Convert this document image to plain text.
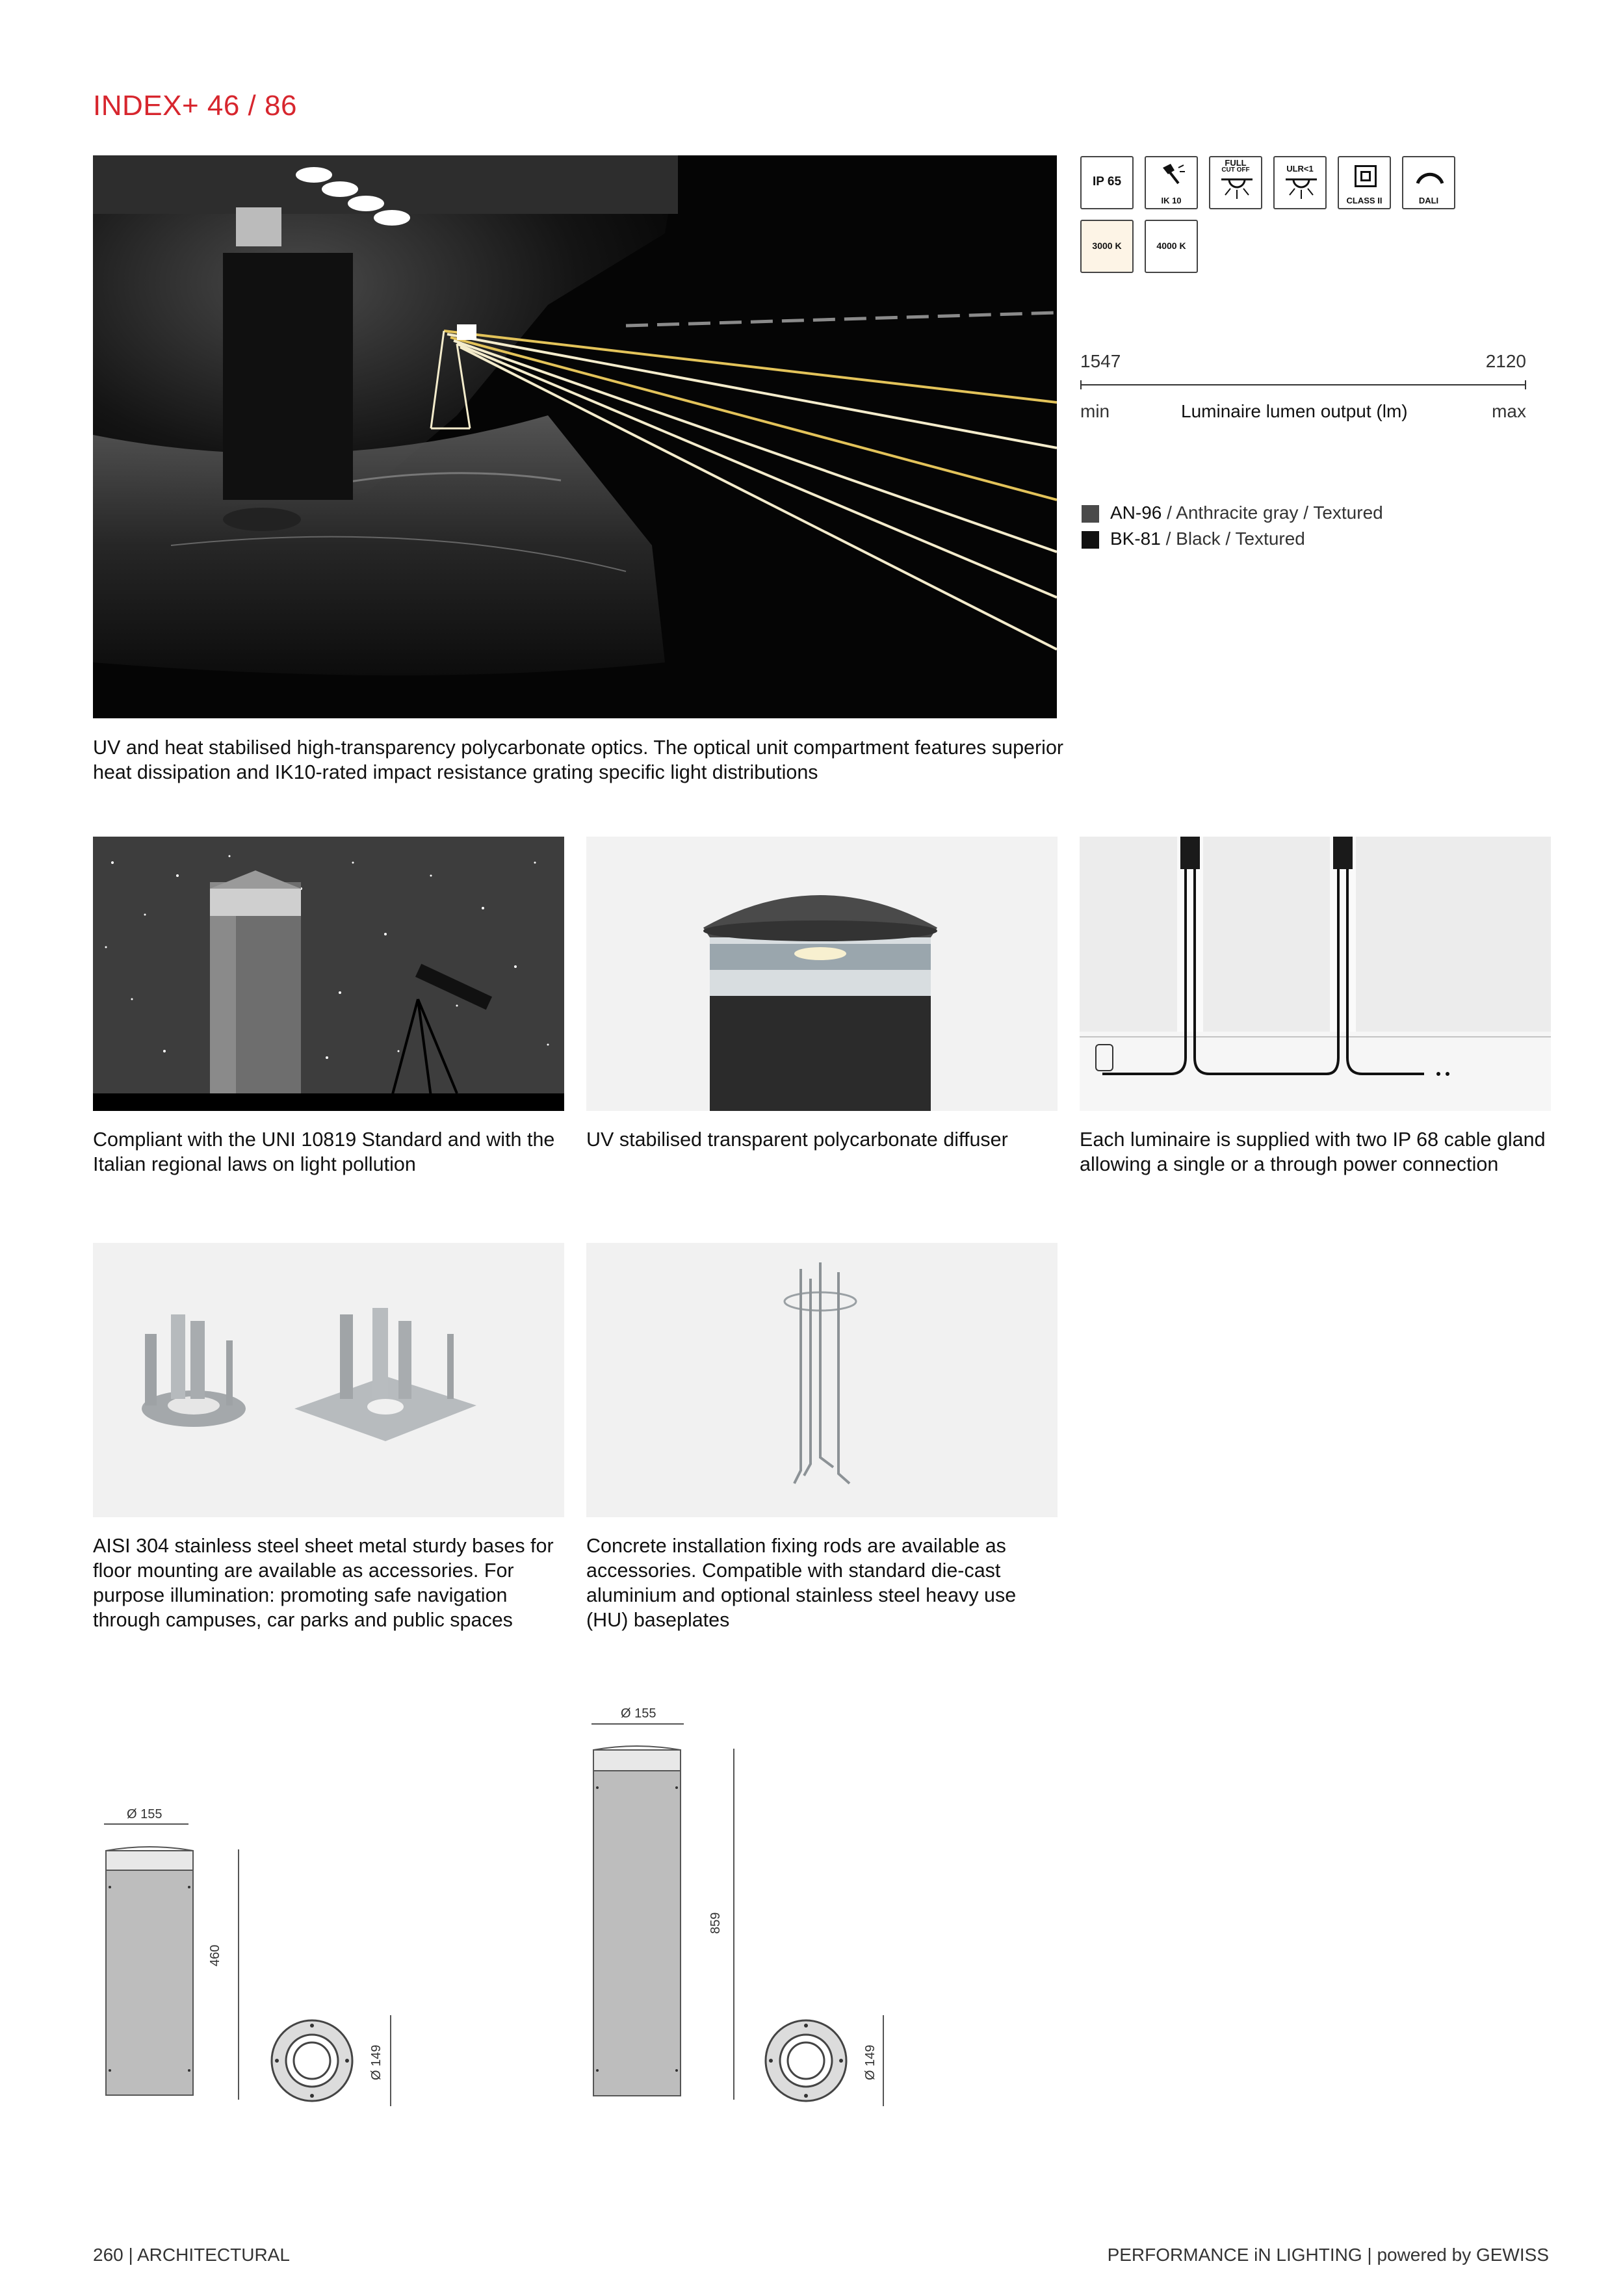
INDEX+ 46 / 86
IP 65
IK 10
FULL
CUT OFF	ULR<1
CLASS II	DALI
3000 K	4000 K
1547	2120
min	Luminaire lumen output (lm)	max
AN-96 / Anthracite gray / Textured
BK-81 / Black / Textured
UV and heat stabilised high-transparency polycarbonate optics. The optical unit compartment features superior heat dissipation and IK10-rated impact resistance grating specific light distributions
Compliant with the UNI 10819 Standard and with the Italian regional laws on light pollution
UV stabilised transparent polycarbonate diffuser	Each luminaire is supplied with two IP 68 cable gland allowing a single or a through power connection
AISI 304 stainless steel sheet metal sturdy bases for floor mounting are available as accessories. For purpose illumination: promoting safe navigation through campuses, car parks and public spaces
Concrete installation fixing rods are available as accessories. Compatible with standard die-cast aluminium and optional stainless steel heavy use (HU) baseplates
Ø 155
460
Ø 149
Ø 155
859
Ø 149
260 | ARCHITECTURAL	PERFORMANCE iN LIGHTING | powered by GEWISS
